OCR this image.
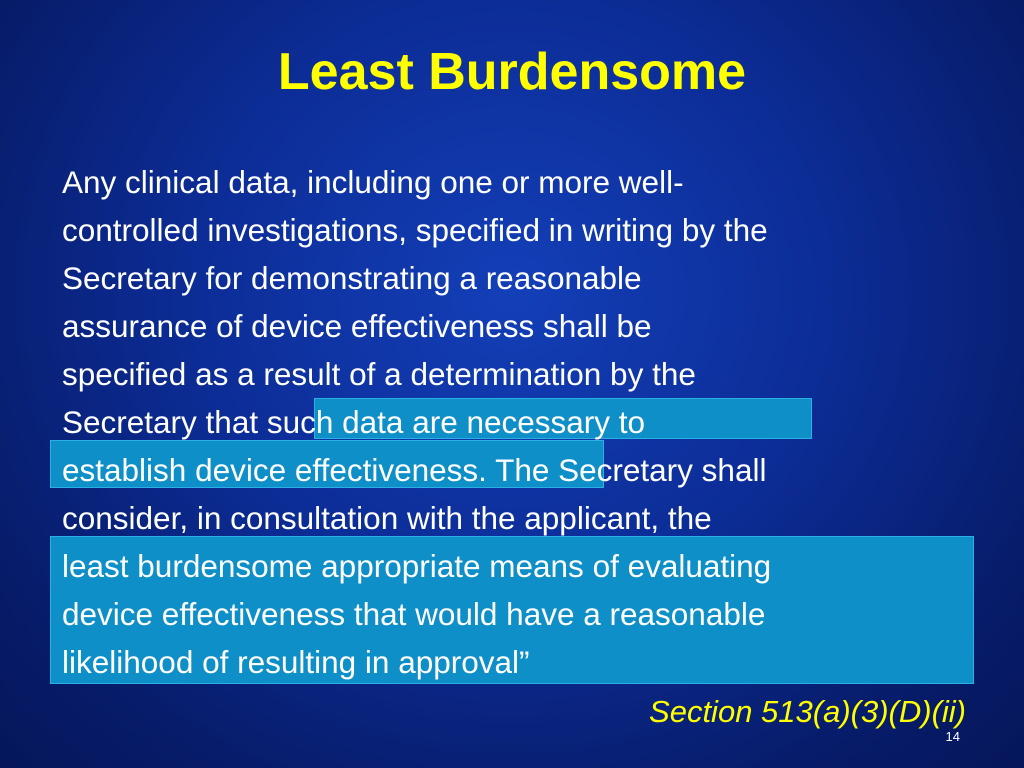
Least Burdensome
Any clinical data, including one or more well-
controlled investigations, specified in writing by the
Secretary for demonstrating a reasonable
assurance of device effectiveness shall be
specified as a result of a determination by the
Secretary that such data are necessary to
establish device effectiveness. The Secretary shall
consider, in consultation with the applicant, the
least burdensome appropriate means of evaluating
device effectiveness that would have a reasonable
likelihood of resulting in approval”
Section 513(a)(3)(D)(ii)
14
